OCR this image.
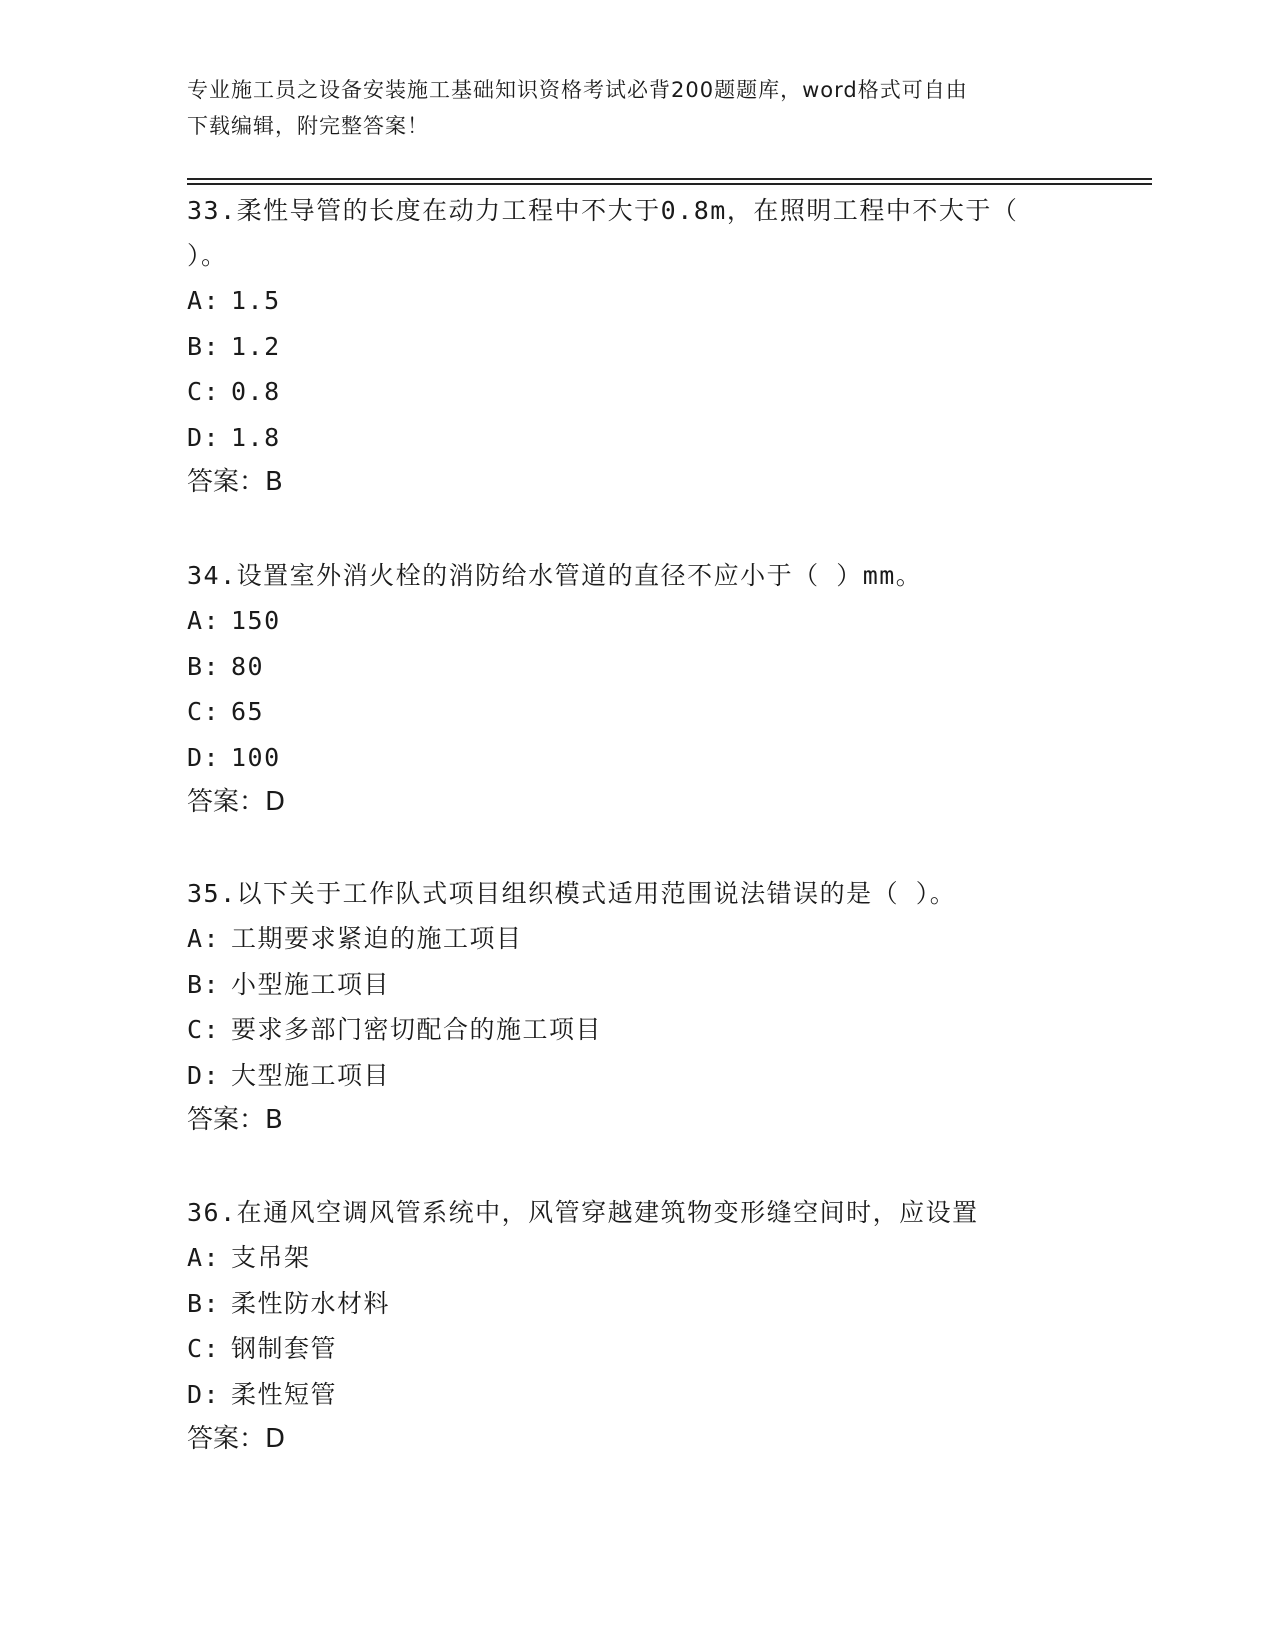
专业施工员之设备安装施工基础知识资格考试必背200题题库，word格式可自由
下载编辑，附完整答案！

33.柔性导管的长度在动力工程中不大于0.8m，在照明工程中不大于（

）。

A: 1.5

B: 1.2

C: 0.8

D: 1.8

答案：B

34.设置室外消火栓的消防给水管道的直径不应小于（ ）mm。

A: 150

B: 80

C: 65

D: 100

答案：D

35.以下关于工作队式项目组织模式适用范围说法错误的是（ ）。

A: 工期要求紧迫的施工项目

B: 小型施工项目

C: 要求多部门密切配合的施工项目

D: 大型施工项目

答案：B

36.在通风空调风管系统中，风管穿越建筑物变形缝空间时，应设置

A: 支吊架

B: 柔性防水材料

C: 钢制套管

D: 柔性短管

答案：D
